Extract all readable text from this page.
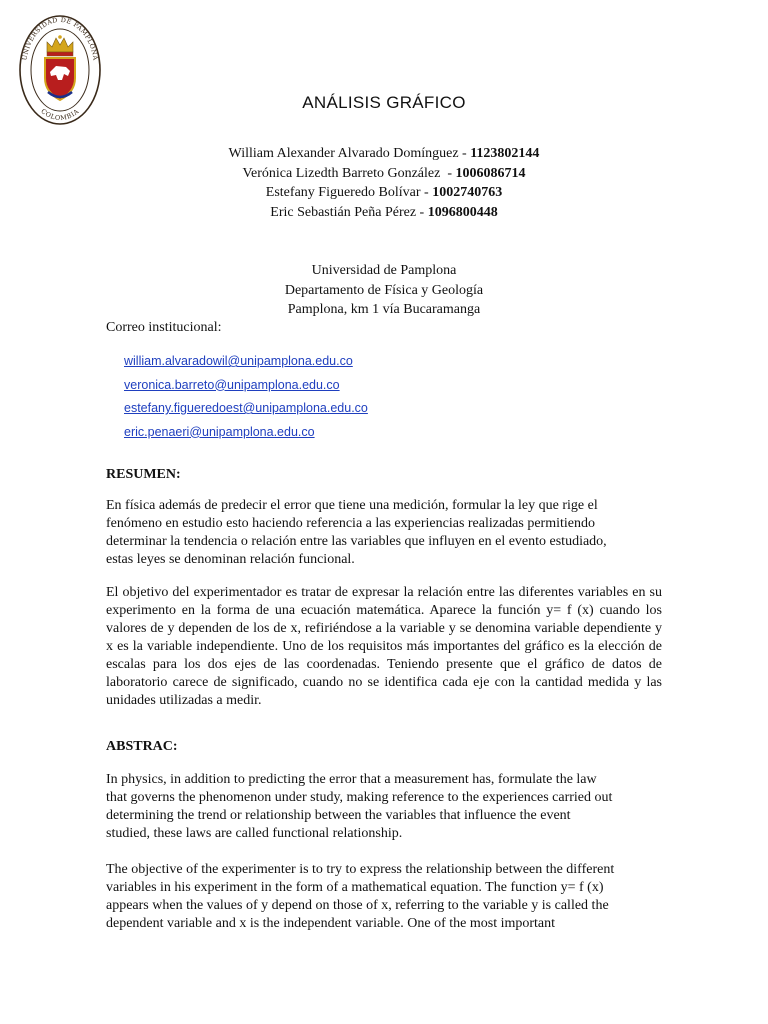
UNIVERSIDAD DE PAMPLONA
COLOMBIA	ANÁLISIS GRÁFICO
William Alexander Alvarado Domínguez - 1123802144
Verónica Lizedth Barreto González  - 1006086714
Estefany Figueredo Bolívar - 1002740763
Eric Sebastián Peña Pérez - 1096800448
Universidad de Pamplona
Departamento de Física y Geología
Pamplona, km 1 vía Bucaramanga
Correo institucional:
william.alvaradowil@unipamplona.edu.co
veronica.barreto@unipamplona.edu.co
estefany.figueredoest@unipamplona.edu.co
eric.penaeri@unipamplona.edu.co
RESUMEN:
En física además de predecir el error que tiene una medición, formular la ley que rige el
fenómeno en estudio esto haciendo referencia a las experiencias realizadas permitiendo
determinar la tendencia o relación entre las variables que influyen en el evento estudiado,
estas leyes se denominan relación funcional.
El objetivo del experimentador es tratar de expresar la relación entre las diferentes variables en su experimento en la forma de una ecuación matemática. Aparece la función y= f (x) cuando los valores de y dependen de los de x, refiriéndose a la variable y se denomina variable dependiente y x es la variable independiente. Uno de los requisitos más importantes del gráfico es la elección de escalas para los dos ejes de las coordenadas. Teniendo presente que el gráfico de datos de laboratorio carece de significado, cuando no se identifica cada eje con la cantidad medida y las unidades utilizadas a medir.
ABSTRAC:
In physics, in addition to predicting the error that a measurement has, formulate the law
that governs the phenomenon under study, making reference to the experiences carried out
determining the trend or relationship between the variables that influence the event
studied, these laws are called functional relationship.
The objective of the experimenter is to try to express the relationship between the different
variables in his experiment in the form of a mathematical equation. The function y= f (x)
appears when the values of y depend on those of x, referring to the variable y is called the
dependent variable and x is the independent variable. One of the most important
